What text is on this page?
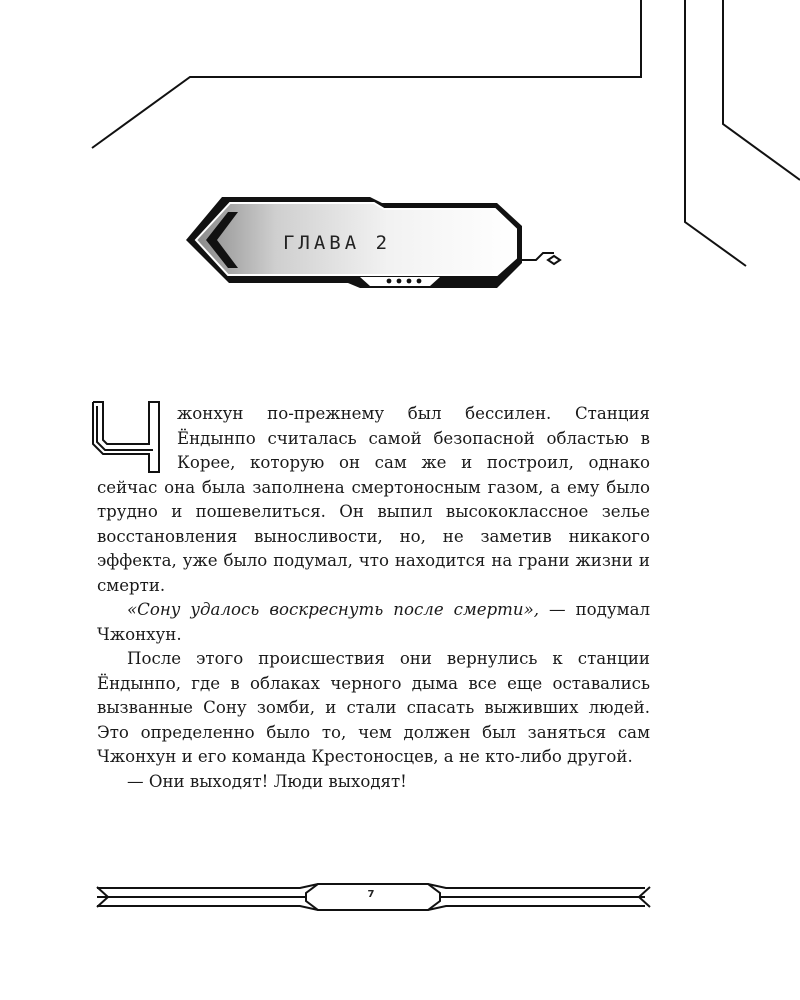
ГЛАВА 2

жонхун по-прежнему был бессилен. Станция Ёндынпо считалась самой безопасной областью в Корее, которую он сам же и построил, однако сейчас она была заполнена смертоносным газом, а ему было трудно и пошевелиться. Он выпил высококлассное зелье восстановления выносливости, но, не заметив никакого эффекта, уже было подумал, что находится на грани жизни и смерти.

«Сону удалось воскреснуть после смерти», — подумал Чжонхун.

После этого происшествия они вернулись к станции Ёндынпо, где в облаках черного дыма все еще оставались вызванные Сону зомби, и стали спасать выживших людей. Это определенно было то, чем должен был заняться сам Чжонхун и его команда Крестоносцев, а не кто-либо другой.

— Они выходят! Люди выходят!

7
